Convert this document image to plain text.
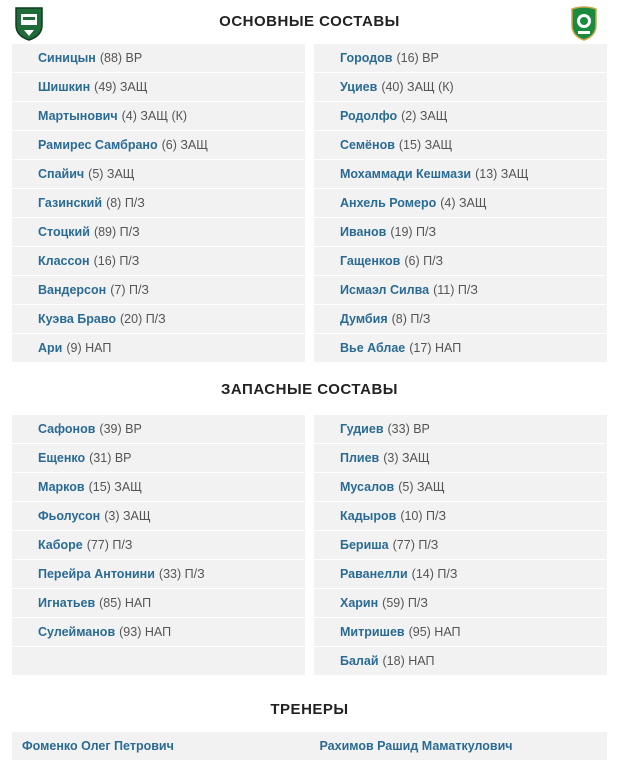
ОСНОВНЫЕ СОСТАВЫ
Синицын (88) ВР
Шишкин (49) ЗАЩ
Мартынович (4) ЗАЩ (К)
Рамирес Самбрано (6) ЗАЩ
Спайич (5) ЗАЩ
Газинский (8) П/З
Стоцкий (89) П/З
Классон (16) П/З
Вандерсон (7) П/З
Куэва Браво (20) П/З
Ари (9) НАП
Городов (16) ВР
Уциев (40) ЗАЩ (К)
Родолфо (2) ЗАЩ
Семёнов (15) ЗАЩ
Мохаммади Кешмази (13) ЗАЩ
Анхель Ромеро (4) ЗАЩ
Иванов (19) П/З
Гащенков (6) П/З
Исмаэл Силва (11) П/З
Думбия (8) П/З
Вье Аблае (17) НАП
ЗАПАСНЫЕ СОСТАВЫ
Сафонов (39) ВР
Ещенко (31) ВР
Марков (15) ЗАЩ
Фьолусон (3) ЗАЩ
Каборе (77) П/З
Перейра Антонини (33) П/З
Игнатьев (85) НАП
Сулейманов (93) НАП
Гудиев (33) ВР
Плиев (3) ЗАЩ
Мусалов (5) ЗАЩ
Кадыров (10) П/З
Бериша (77) П/З
Раванелли (14) П/З
Харин (59) П/З
Митришев (95) НАП
Балай (18) НАП
ТРЕНЕРЫ
Фоменко Олег Петрович	Рахимов Рашид Маматкулович
